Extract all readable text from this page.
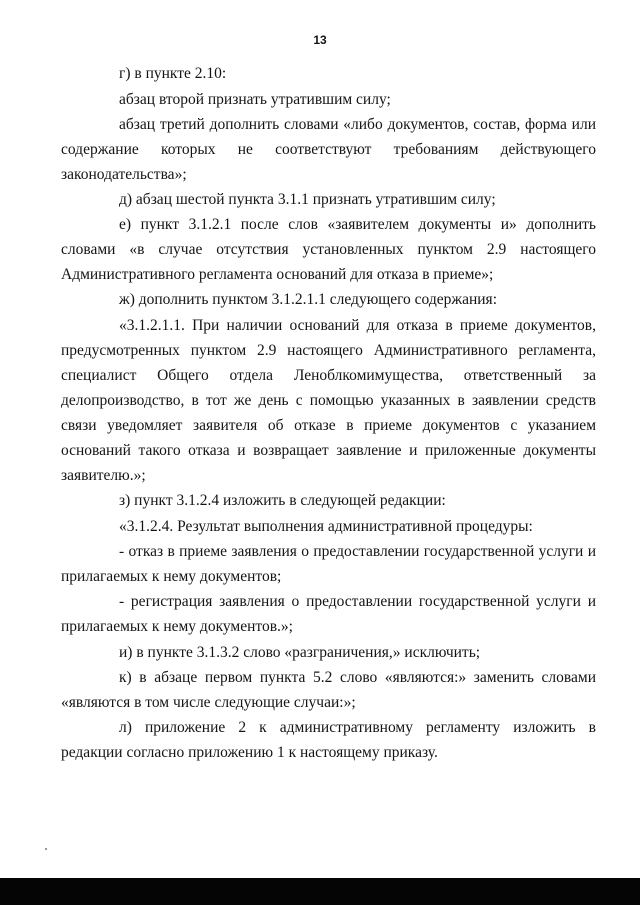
13
г) в пункте 2.10:
абзац второй признать утратившим силу;
абзац третий дополнить словами «либо документов, состав, форма или
содержание которых не соответствуют требованиям действующего
законодательства»;
д) абзац шестой пункта 3.1.1 признать утратившим силу;
е) пункт 3.1.2.1 после слов «заявителем документы и» дополнить
словами «в случае отсутствия установленных пунктом 2.9 настоящего
Административного регламента оснований для отказа в приеме»;
ж) дополнить пунктом 3.1.2.1.1 следующего содержания:
«3.1.2.1.1. При наличии оснований для отказа в приеме документов,
предусмотренных пунктом 2.9 настоящего Административного регламента,
специалист Общего отдела Леноблкомимущества, ответственный за
делопроизводство, в тот же день с помощью указанных в заявлении средств
связи уведомляет заявителя об отказе в приеме документов с указанием
оснований такого отказа и возвращает заявление и приложенные документы
заявителю.»;
з) пункт 3.1.2.4 изложить в следующей редакции:
«3.1.2.4. Результат выполнения административной процедуры:
- отказ в приеме заявления о предоставлении государственной услуги и
прилагаемых к нему документов;
- регистрация заявления о предоставлении государственной услуги и
прилагаемых к нему документов.»;
и) в пункте 3.1.3.2 слово «разграничения,» исключить;
к) в абзаце первом пункта 5.2 слово «являются:» заменить словами
«являются в том числе следующие случаи:»;
л) приложение 2 к административному регламенту изложить в
редакции согласно приложению 1 к настоящему приказу.
